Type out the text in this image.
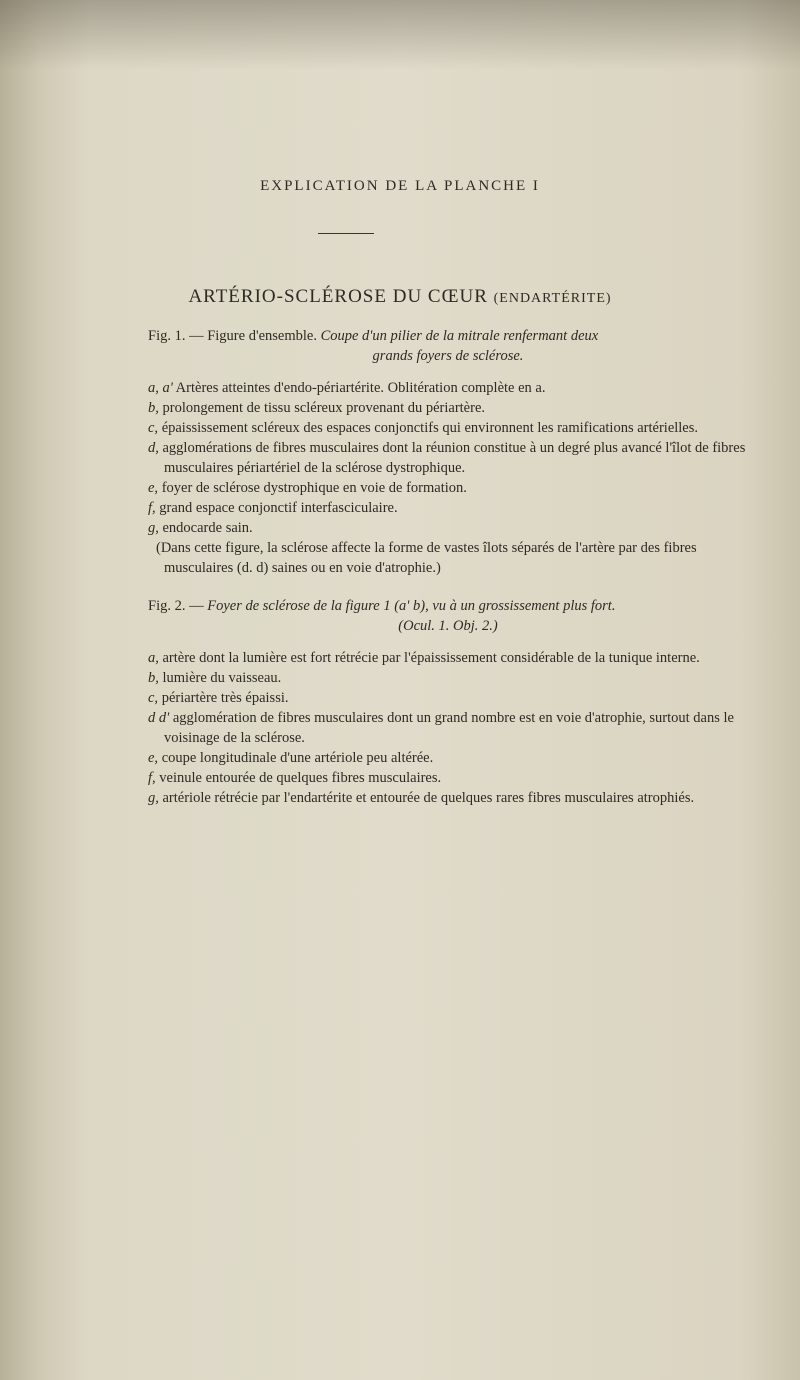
EXPLICATION DE LA PLANCHE I
ARTÉRIO-SCLÉROSE DU CŒUR (ENDARTÉRITE)

Fig. 1. — Figure d'ensemble. Coupe d'un pilier de la mitrale renfermant deux

grands foyers de sclérose.

a, a' Artères atteintes d'endo-périartérite. Oblitération complète en a.

b, prolongement de tissu scléreux provenant du périartère.

c, épaississement scléreux des espaces conjonctifs qui environnent les ramifications artérielles.

d, agglomérations de fibres musculaires dont la réunion constitue à un degré plus avancé l'îlot de fibres musculaires périartériel de la sclérose dystrophique.

e, foyer de sclérose dystrophique en voie de formation.

f, grand espace conjonctif interfasciculaire.

g, endocarde sain.

(Dans cette figure, la sclérose affecte la forme de vastes îlots séparés de l'artère par des fibres musculaires (d. d) saines ou en voie d'atrophie.)

Fig. 2. — Foyer de sclérose de la figure 1 (a' b), vu à un grossissement plus fort.

(Ocul. 1. Obj. 2.)

a, artère dont la lumière est fort rétrécie par l'épaississement considérable de la tunique interne.

b, lumière du vaisseau.

c, périartère très épaissi.

d d' agglomération de fibres musculaires dont un grand nombre est en voie d'atrophie, surtout dans le voisinage de la sclérose.

e, coupe longitudinale d'une artériole peu altérée.

f, veinule entourée de quelques fibres musculaires.

g, artériole rétrécie par l'endartérite et entourée de quelques rares fibres musculaires atrophiés.
